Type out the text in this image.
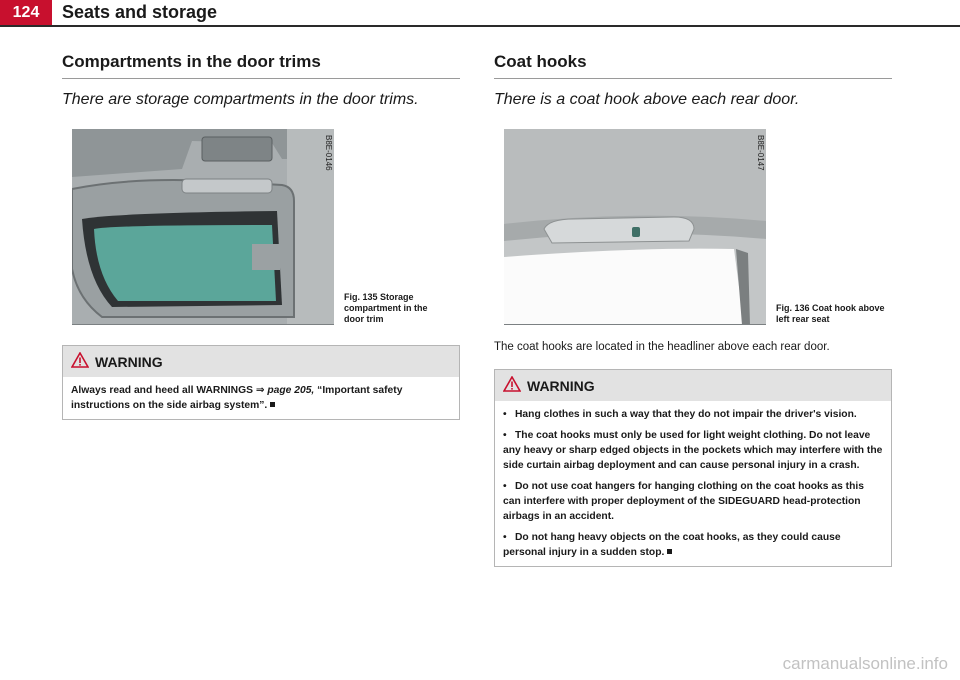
124	Seats and storage
Compartments in the door trims

There are storage compartments in the door trims.

B8E-0146
Fig. 135 Storage compartment in the door trim
WARNING
Always read and heed all WARNINGS ⇒ page 205, “Important safety instructions on the side airbag system”.
Coat hooks

There is a coat hook above each rear door.

B8E-0147
Fig. 136 Coat hook above left rear seat

The coat hooks are located in the headliner above each rear door.

WARNING

• Hang clothes in such a way that they do not impair the driver's vision.

• The coat hooks must only be used for light weight clothing. Do not leave any heavy or sharp edged objects in the pockets which may interfere with the side curtain airbag deployment and can cause personal injury in a crash.

• Do not use coat hangers for hanging clothing on the coat hooks as this can interfere with proper deployment of the SIDEGUARD head-protection airbags in an accident.

• Do not hang heavy objects on the coat hooks, as they could cause personal injury in a sudden stop.

carmanualsonline.info
